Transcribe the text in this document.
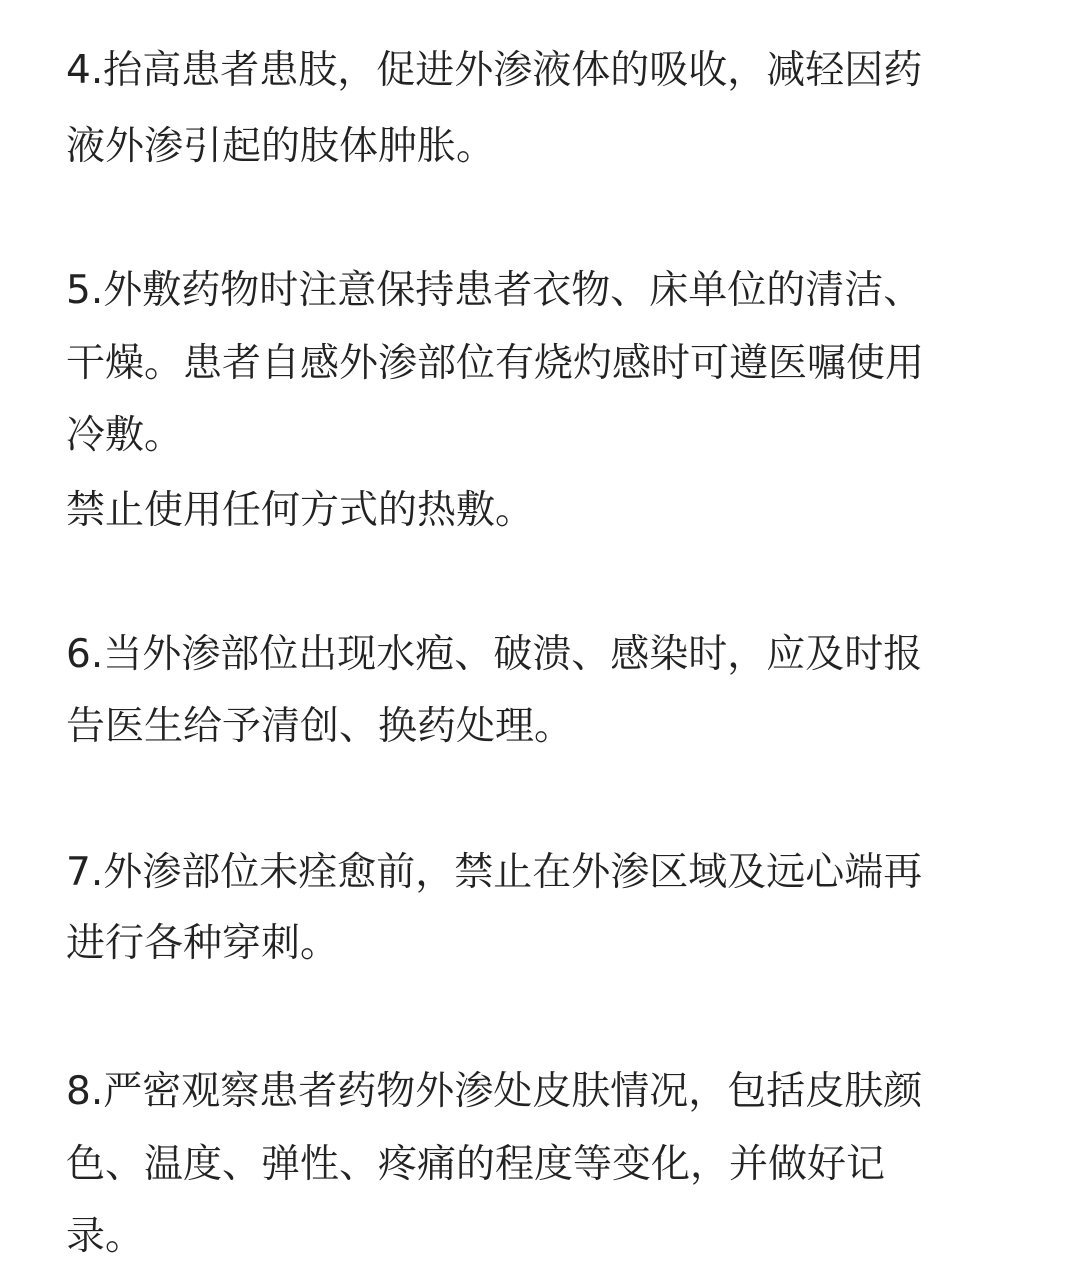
4.抬高患者患肢，促进外渗液体的吸收，减轻因药
液外渗引起的肢体肿胀。
5.外敷药物时注意保持患者衣物、床单位的清洁、
干燥。患者自感外渗部位有烧灼感时可遵医嘱使用
冷敷。
禁止使用任何方式的热敷。
6.当外渗部位出现水疱、破溃、感染时，应及时报
告医生给予清创、换药处理。
7.外渗部位未痊愈前，禁止在外渗区域及远心端再
进行各种穿刺。
8.严密观察患者药物外渗处皮肤情况，包括皮肤颜
色、温度、弹性、疼痛的程度等变化，并做好记
录。
